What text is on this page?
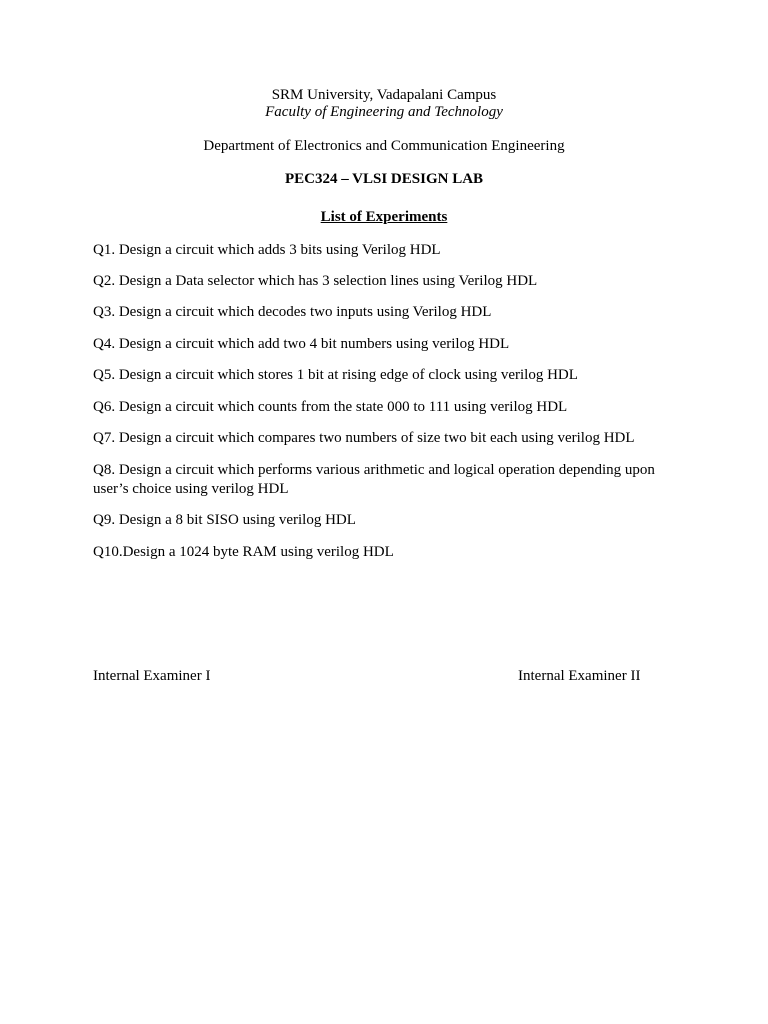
SRM University, Vadapalani Campus
Faculty of Engineering and Technology
Department of Electronics and Communication Engineering
PEC324 – VLSI DESIGN LAB
List of Experiments
Q1. Design a circuit which adds 3 bits using Verilog HDL
Q2. Design a Data selector which has 3 selection lines using Verilog HDL
Q3. Design a circuit which decodes two inputs using Verilog HDL
Q4. Design a circuit which add two 4 bit numbers using verilog HDL
Q5. Design a circuit which stores 1 bit at rising edge of clock using verilog HDL
Q6. Design a circuit which counts from the state 000 to 111 using verilog HDL
Q7. Design a circuit which compares two numbers of size two bit each using verilog HDL
Q8. Design a circuit which performs various arithmetic and logical operation depending upon user’s choice using verilog HDL
Q9. Design a 8 bit SISO using verilog HDL
Q10.Design a 1024 byte RAM using verilog HDL
Internal Examiner I	Internal Examiner II
